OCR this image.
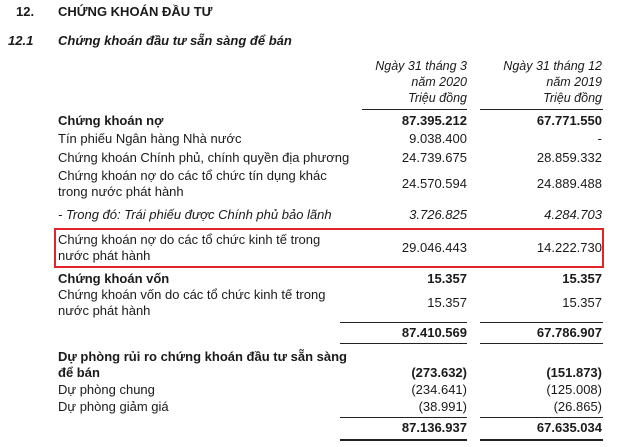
12. CHỨNG KHOÁN ĐẦU TƯ
12.1 Chứng khoán đầu tư sẵn sàng để bán
Ngày 31 tháng 3
năm 2020
Triệu đồng
Ngày 31 tháng 12
năm 2019
Triệu đồng
Chứng khoán nợ	87.395.212	67.771.550
Tín phiếu Ngân hàng Nhà nước	9.038.400	-
Chứng khoán Chính phủ, chính quyền địa phương	24.739.675	28.859.332
Chứng khoán nợ do các tổ chức tín dụng khác
trong nước phát hành
24.570.594	24.889.488
- Trong đó: Trái phiếu được Chính phủ bảo lãnh	3.726.825	4.284.703
Chứng khoán nợ do các tổ chức kinh tế trong
nước phát hành
29.046.443	14.222.730
Chứng khoán vốn	15.357	15.357
Chứng khoán vốn do các tổ chức kinh tế trong
nước phát hành
15.357	15.357
87.410.569	67.786.907
Dự phòng rủi ro chứng khoán đầu tư sẵn sàng
để bán	(273.632)	(151.873)
Dự phòng chung	(234.641)	(125.008)
Dự phòng giảm giá	(38.991)	(26.865)
87.136.937	67.635.034
